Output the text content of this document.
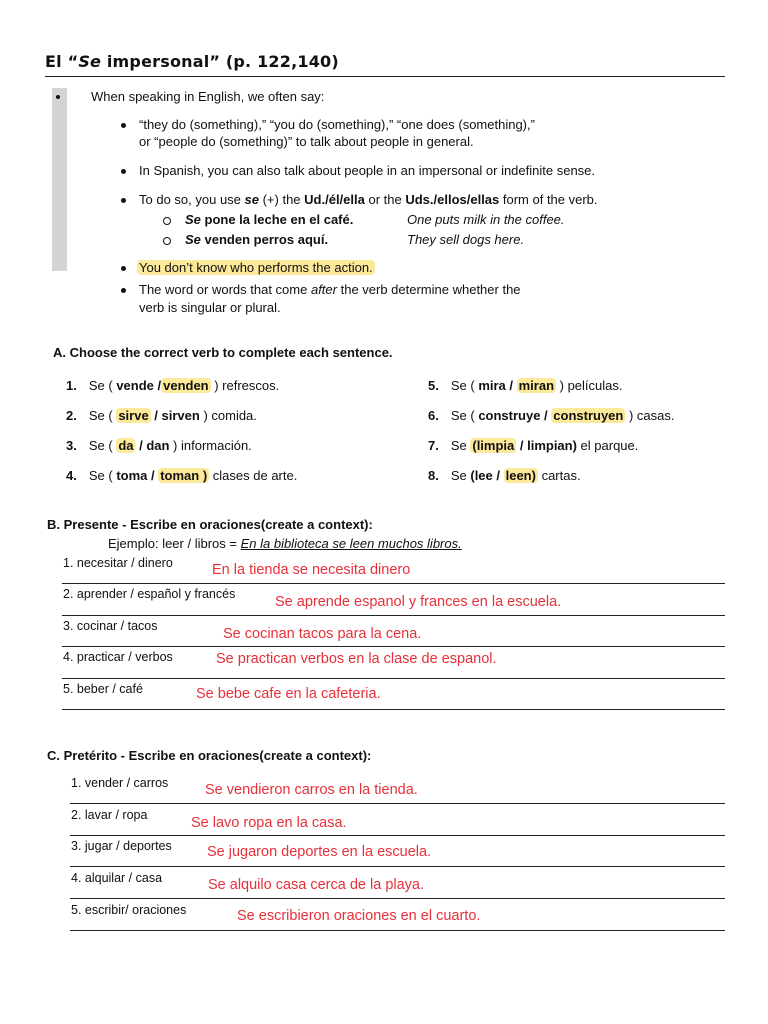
El “Se impersonal” (p. 122,140)
When speaking in English, we often say:
“they do (something),” “you do (something),” “one does (something),”
or “people do (something)” to talk about people in general.
In Spanish, you can also talk about people in an impersonal or indefinite sense.
To do so, you use se (+) the Ud./él/ella or the Uds./ellos/ellas form of the verb.
Se pone la leche en el café.	One puts milk in the coffee.
Se venden perros aquí.	They sell dogs here.
You don’t know who performs the action.
The word or words that come after the verb determine whether the
verb is singular or plural.
A. Choose the correct verb to complete each sentence.
1. Se ( vende / venden ) refrescos.
2. Se ( sirve / sirven ) comida.
3. Se ( da / dan ) información.
4. Se ( toma / toman ) clases de arte.
5. Se ( mira / miran ) películas.
6. Se ( construye / construyen ) casas.
7. Se (limpia / limpian) el parque.
8. Se (lee / leen) cartas.
B. Presente - Escribe en oraciones(create a context):
Ejemplo: leer / libros = En la biblioteca se leen muchos libros.
1. necesitar / dinero	En la tienda se necesita dinero
2. aprender / español y francés	Se aprende espanol y frances en la escuela.
3. cocinar / tacos	Se cocinan tacos para la cena.
4. practicar / verbos	Se practican verbos en la clase de espanol.
5. beber / café	Se bebe cafe en la cafeteria.
C. Pretérito - Escribe en oraciones(create a context):
1. vender / carros	Se vendieron carros en la tienda.
2. lavar / ropa	Se lavo ropa en la casa.
3. jugar / deportes Se jugaron deportes en la escuela.
4. alquilar / casa	Se alquilo casa cerca de la playa.
5. escribir/ oraciones	Se escribieron oraciones en el cuarto.
